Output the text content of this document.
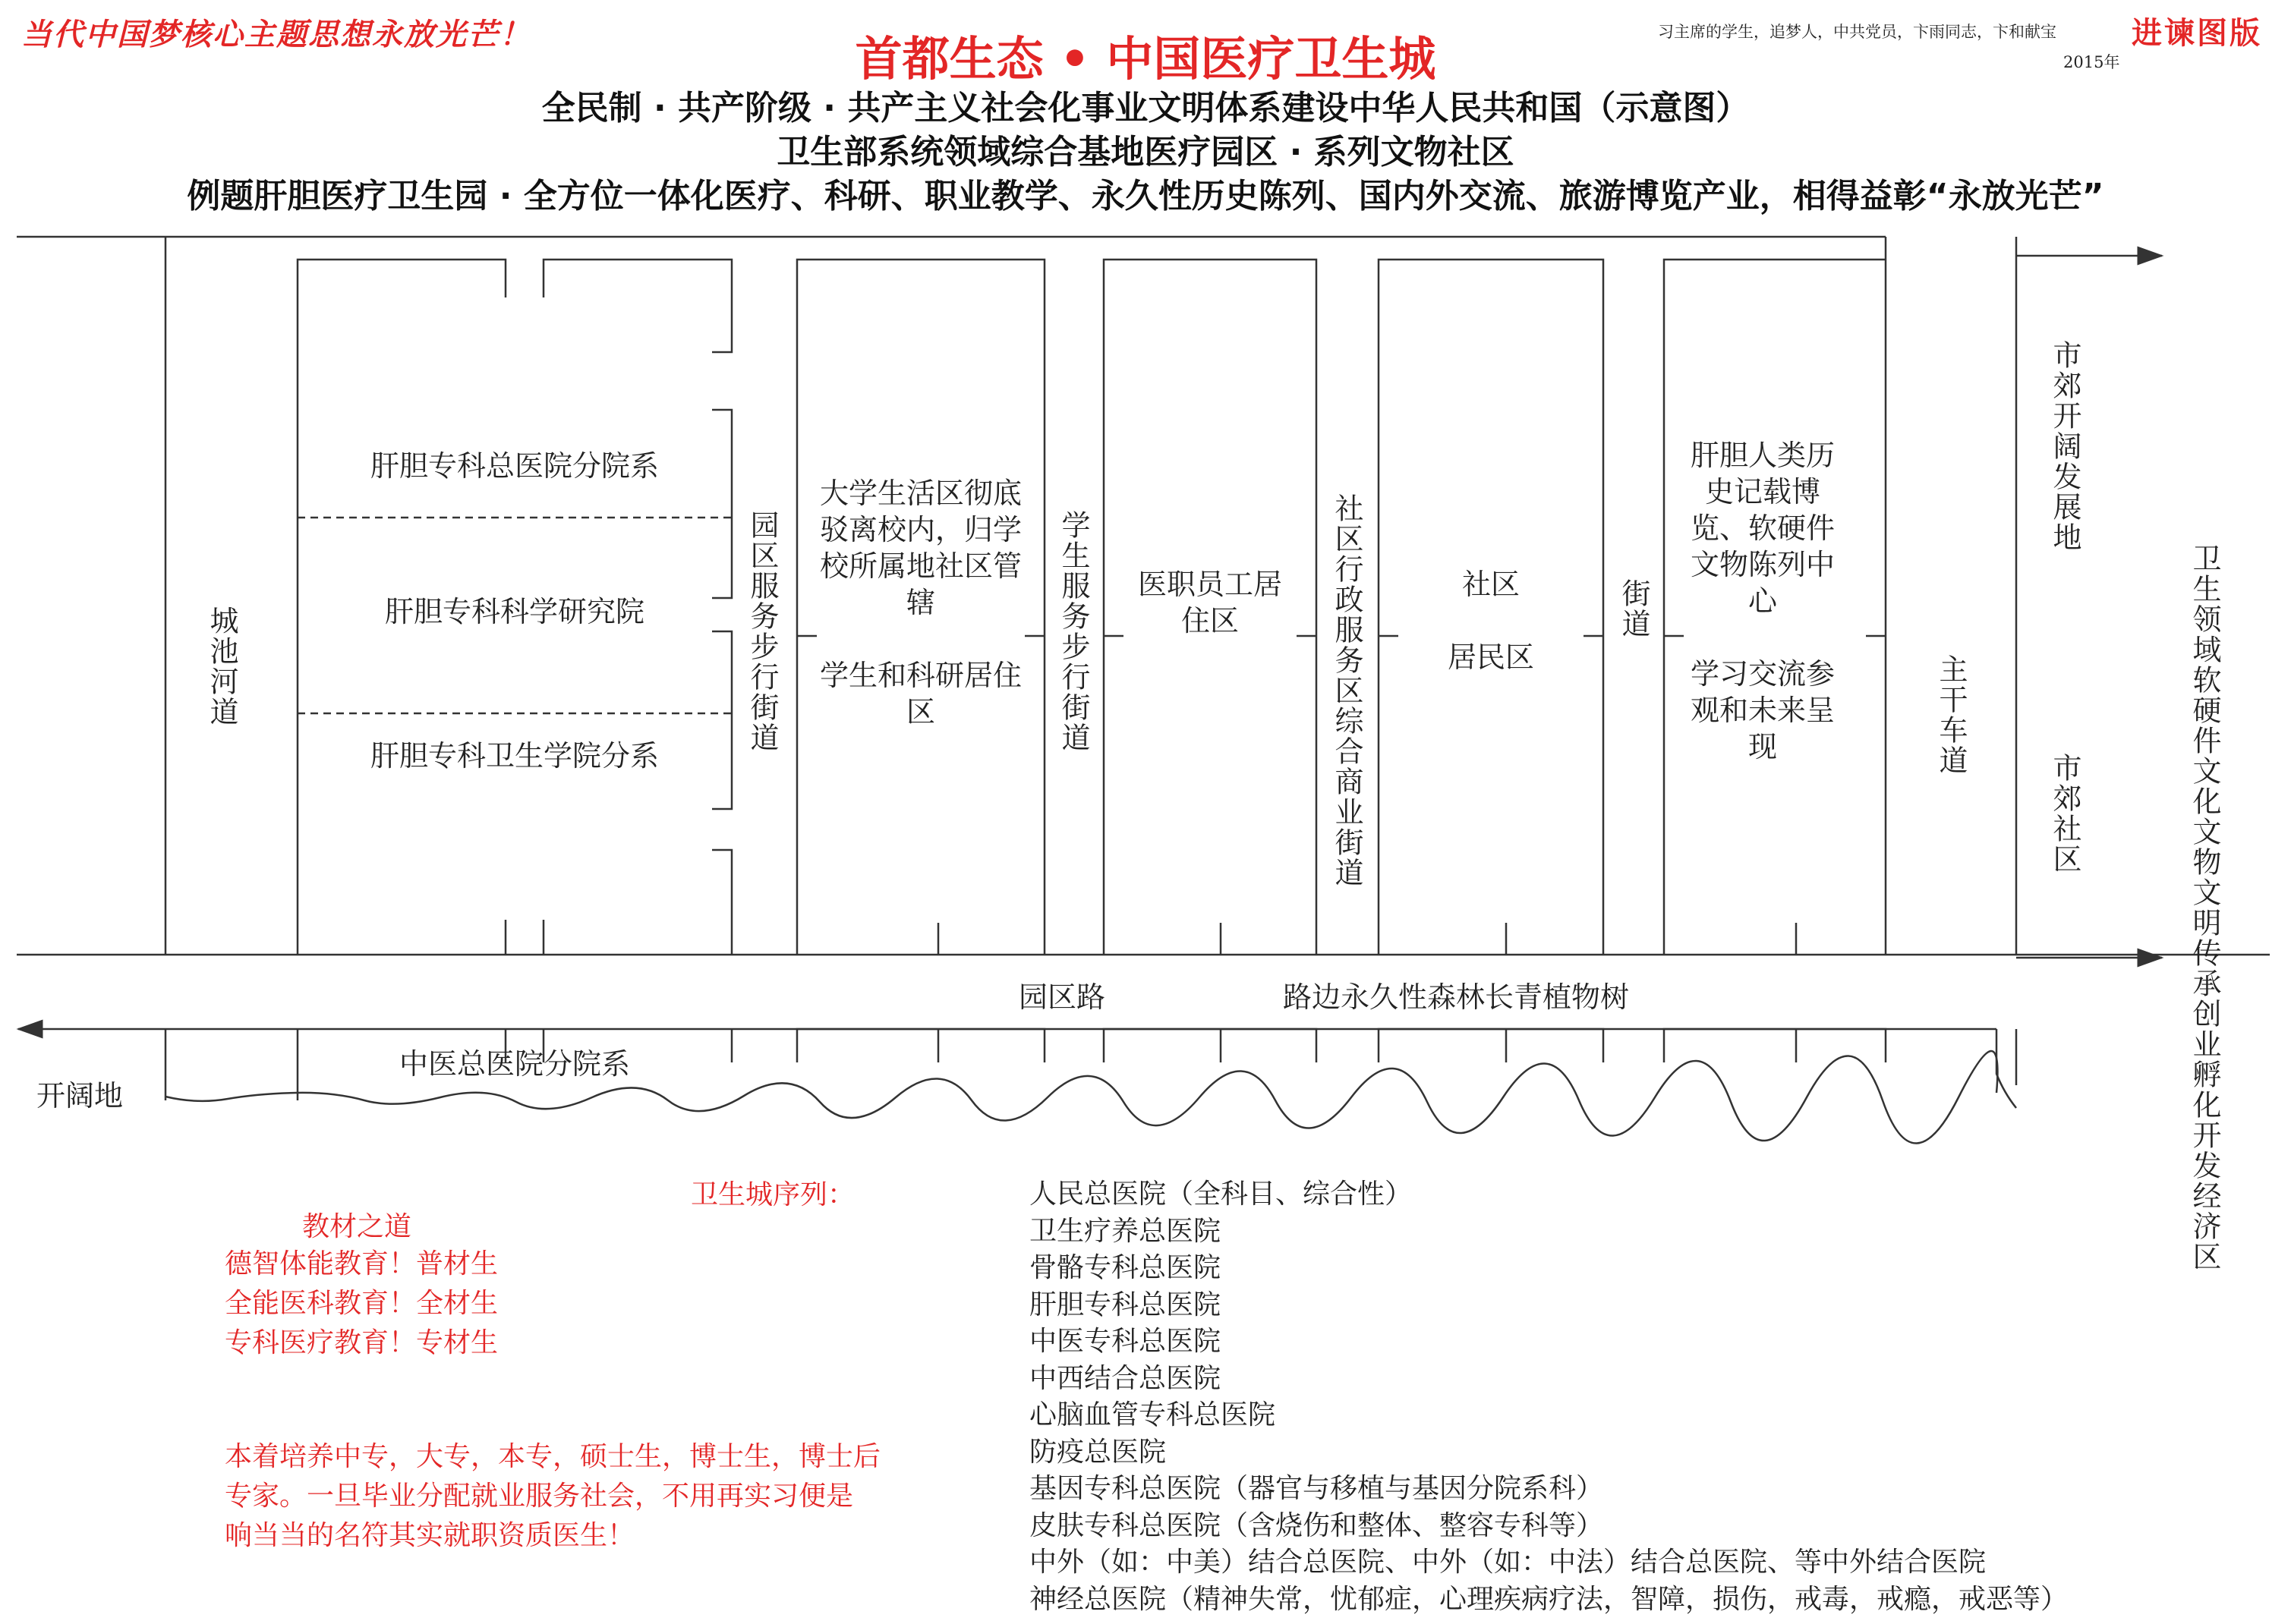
当代中国梦核心主题思想永放光芒！	首都生态 • 中国医疗卫生城	习主席的学生，追梦人，中共党员，卞雨同志，卞和献宝
2015年
进谏图版
全民制 · 共产阶级 · 共产主义社会化事业文明体系建设中华人民共和国（示意图）
卫生部系统领域综合基地医疗园区 · 系列文物社区
例题肝胆医疗卫生园 · 全方位一体化医疗、科研、职业教学、永久性历史陈列、国内外交流、旅游博览产业，相得益彰“永放光芒”
城池河道
肝胆专科总医院分院系
肝胆专科科学研究院
肝胆专科卫生学院分系
园区服务步行街道
大学生活区彻底驳离校内，归学校所属地社区管辖
学生和科研居住区	学生服务步行街道 医职员工居住区	社区行政服务区综合商业街道	社区
居民区
街道
肝胆人类历史记载博览、软硬件文物陈列中心
学习交流参观和未来呈现	主干车道
市郊开阔发展地
市郊社区	卫生领域软硬件文化文物文明传承创业孵化开发经济区
园区路	路边永久性森林长青植物树
中医总医院分院系
开阔地
卫生城序列：	人民总医院（全科目、综合性）
卫生疗养总医院
骨骼专科总医院
肝胆专科总医院
中医专科总医院
中西结合总医院
心脑血管专科总医院
防疫总医院
基因专科总医院（器官与移植与基因分院系科）
皮肤专科总医院（含烧伤和整体、整容专科等）
中外（如：中美）结合总医院、中外（如：中法）结合总医院、等中外结合医院
神经总医院（精神失常，忧郁症，心理疾病疗法，智障，损伤，戒毒，戒瘾，戒恶等）
教材之道
德智体能教育！普材生
全能医科教育！全材生
专科医疗教育！专材生
本着培养中专，大专，本专，硕士生，博士生，博士后
专家。一旦毕业分配就业服务社会，不用再实习便是
响当当的名符其实就职资质医生！
